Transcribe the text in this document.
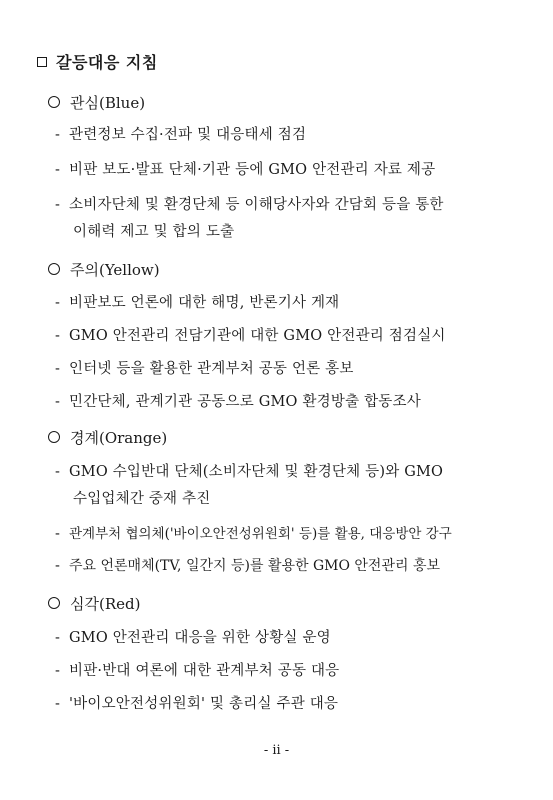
갈등대응 지침
관심(Blue)
- 관련정보 수집·전파 및 대응태세 점검
- 비판 보도·발표 단체·기관 등에 GMO 안전관리 자료 제공
- 소비자단체 및 환경단체 등 이해당사자와 간담회 등을 통한
이해력 제고 및 합의 도출
주의(Yellow)
- 비판보도 언론에 대한 해명, 반론기사 게재
- GMO 안전관리 전담기관에 대한 GMO 안전관리 점검실시
- 인터넷 등을 활용한 관계부처 공동 언론 홍보
- 민간단체, 관계기관 공동으로 GMO 환경방출 합동조사
경계(Orange)
- GMO 수입반대 단체(소비자단체 및 환경단체 등)와 GMO
수입업체간 중재 추진
- 관계부처 협의체('바이오안전성위원회' 등)를 활용, 대응방안 강구
- 주요 언론매체(TV, 일간지 등)를 활용한 GMO 안전관리 홍보
심각(Red)
- GMO 안전관리 대응을 위한 상황실 운영
- 비판·반대 여론에 대한 관계부처 공동 대응
- '바이오안전성위원회' 및 총리실 주관 대응
- ii -
